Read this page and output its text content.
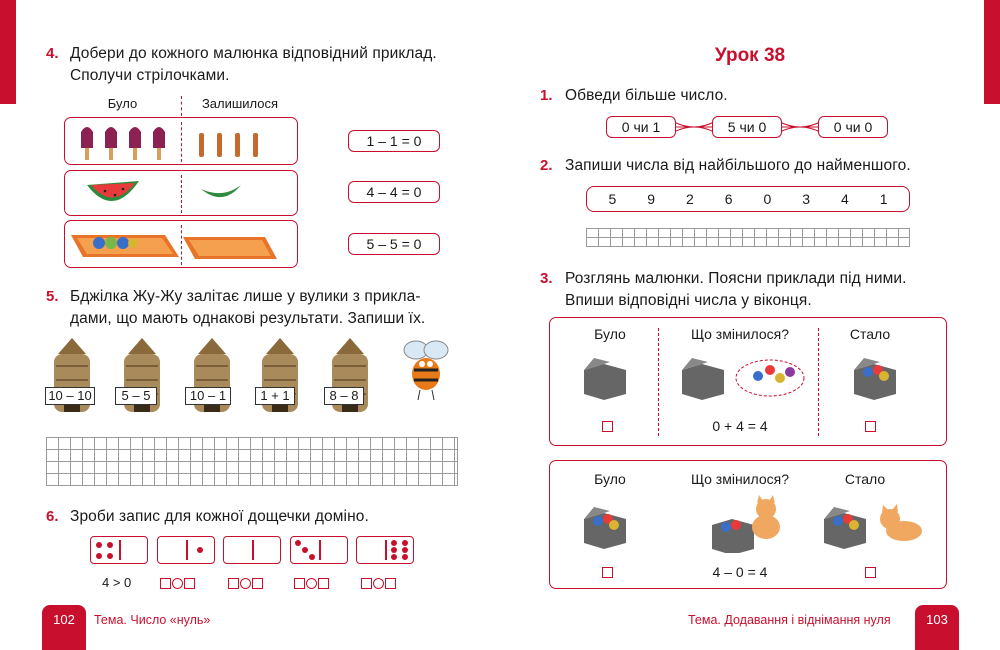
4. Добери до кожного малюнка відповідний приклад.
Сполучи стрілочками.
Було	Залишилося
1 – 1 = 0
4 – 4 = 0
5 – 5 = 0
5. Бджілка Жу-Жу залітає лише у вулики з прикла-
дами, що мають однакові результати. Запиши їх.
10 – 10	5 – 5	10 – 1	1 + 1	8 – 8
6. Зроби запис для кожної дощечки доміно.
4 > 0
102	Тема. Число «нуль»
Урок 38
1. Обведи більше число.
0 чи 1	5 чи 0	0 чи 0
2. Запиши числа від найбільшого до найменшого.
5 9 2 6 0 3 4 1
3. Розглянь малюнки. Поясни приклади під ними.
Впиши відповідні числа у віконця.
Було	Що змінилося?	Стало
0 + 4 = 4
Було	Що змінилося?	Стало
4 – 0 = 4
Тема. Додавання і віднімання нуля	103
